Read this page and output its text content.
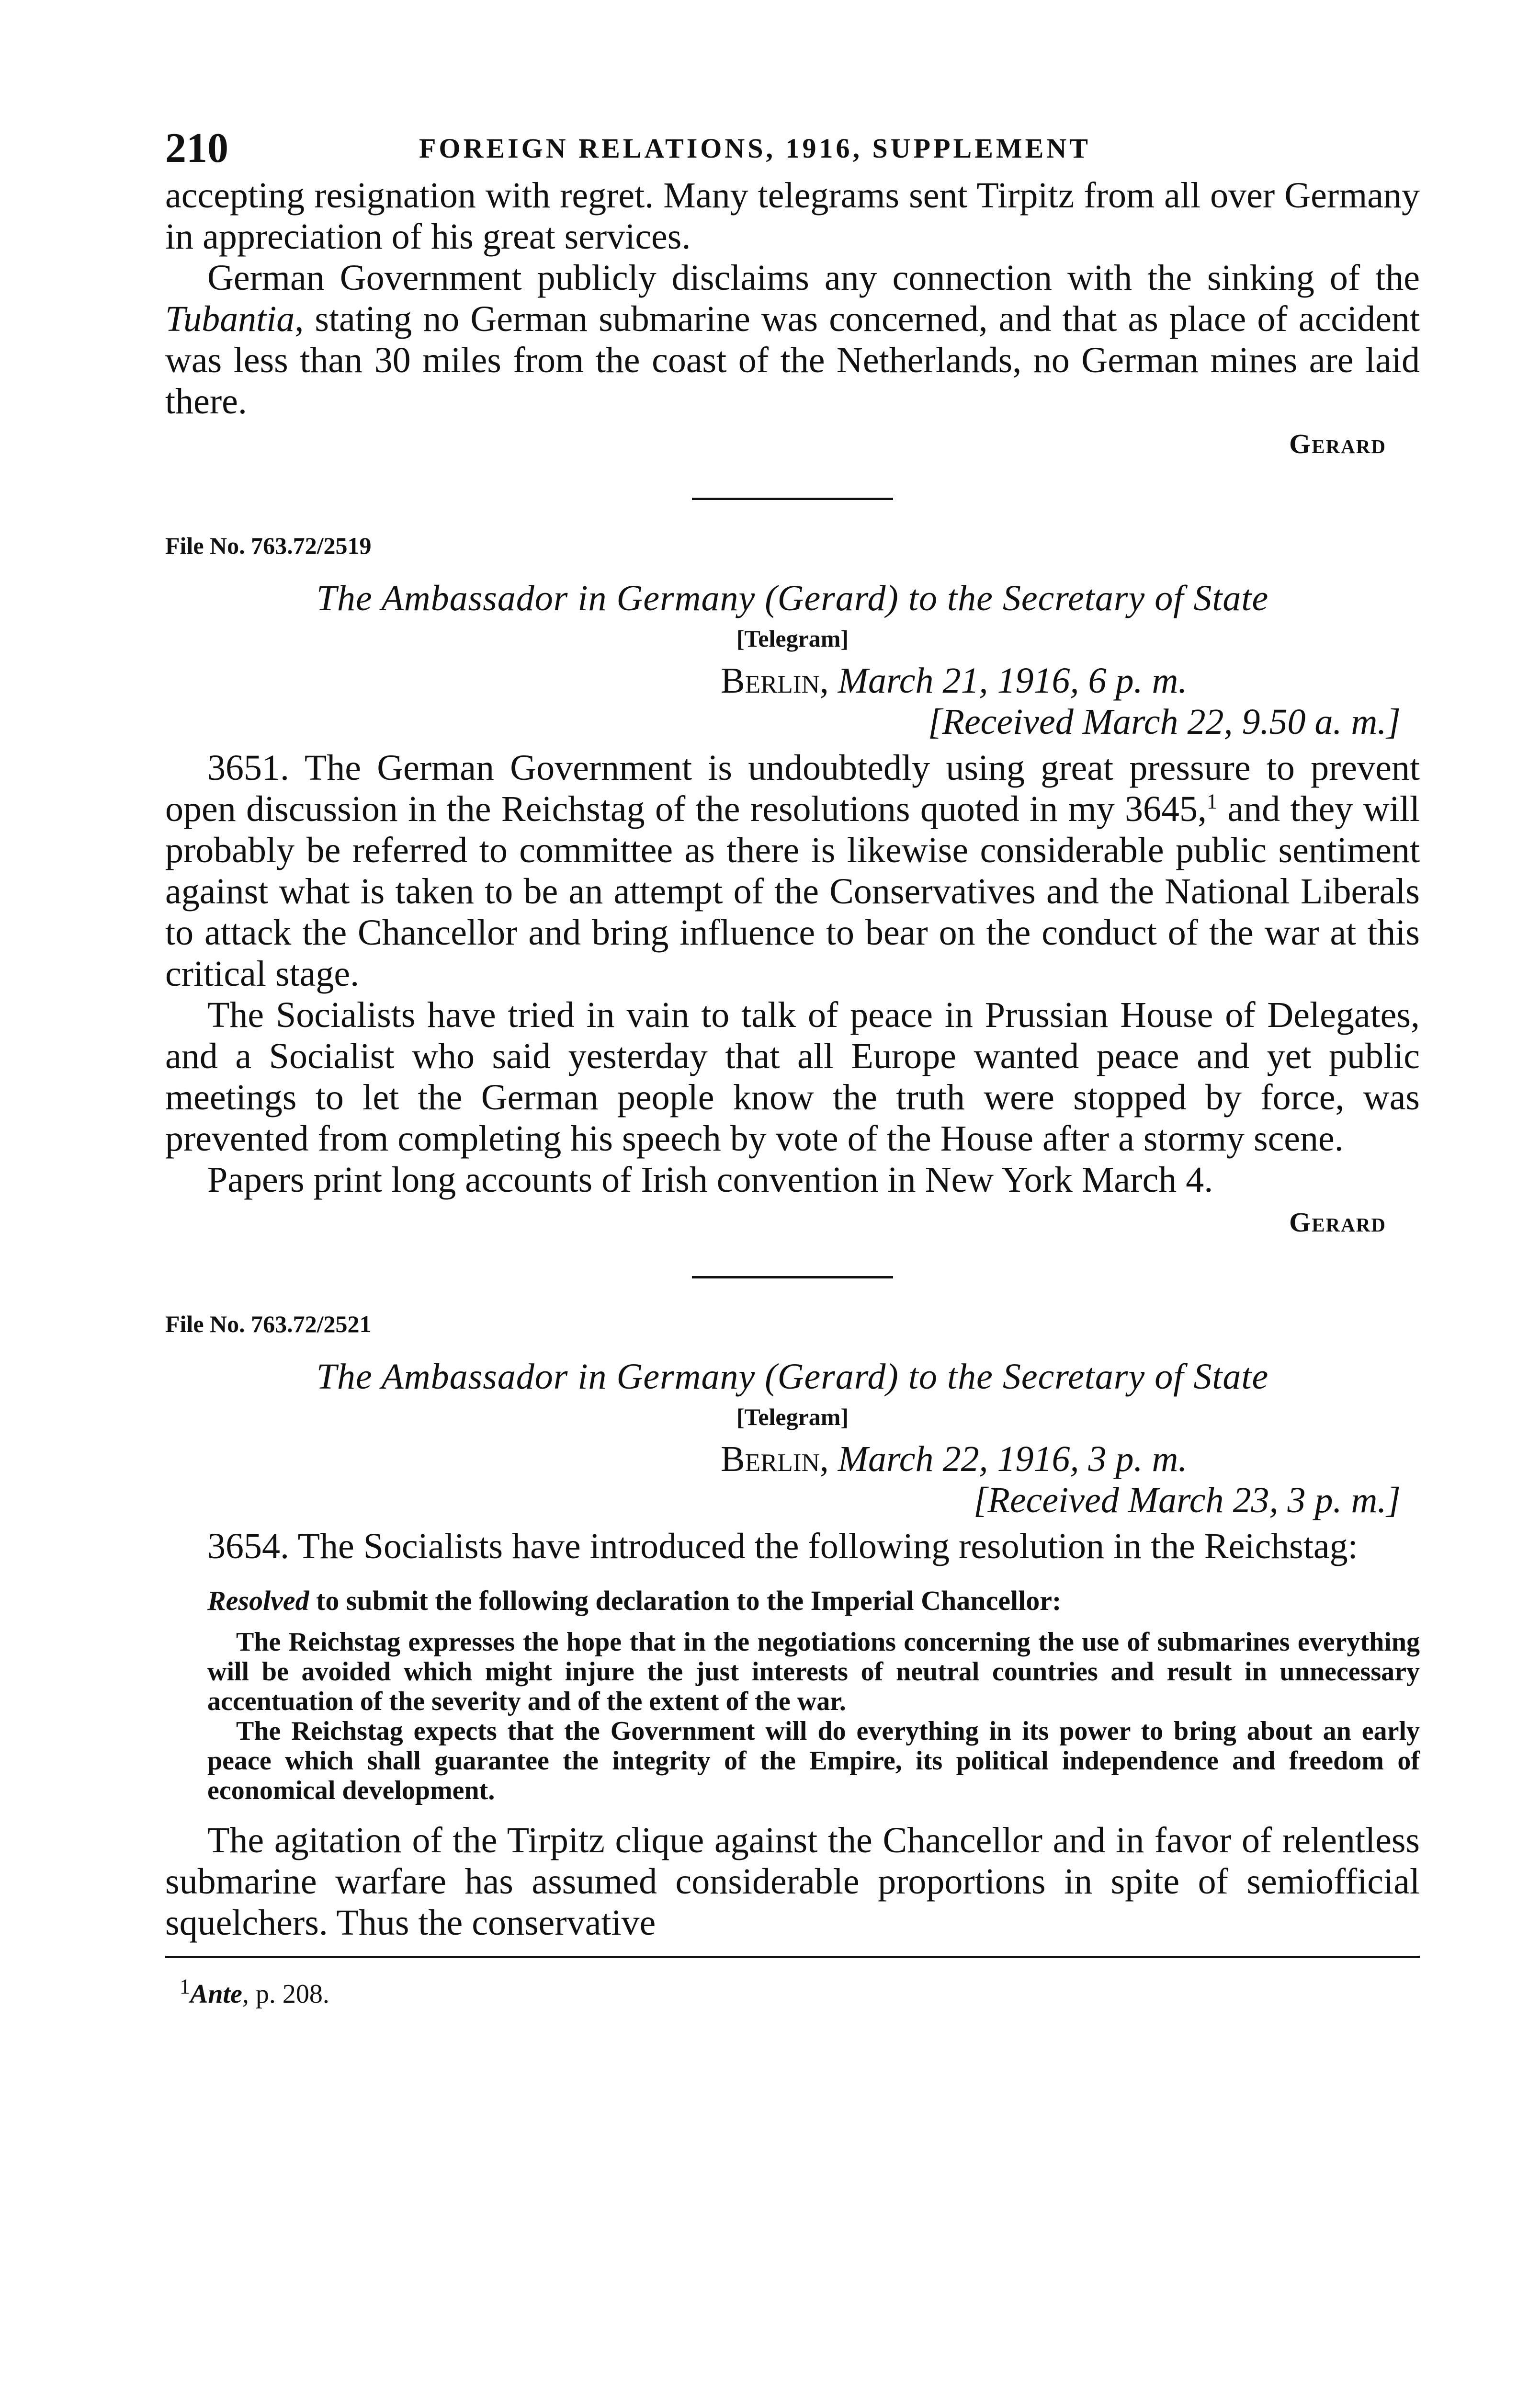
210	FOREIGN RELATIONS, 1916, SUPPLEMENT

accepting resignation with regret. Many telegrams sent Tirpitz from all over Germany in appreciation of his great services.

German Government publicly disclaims any connection with the sinking of the Tubantia, stating no German submarine was concerned, and that as place of accident was less than 30 miles from the coast of the Netherlands, no German mines are laid there.

Gerard
File No. 763.72/2519

The Ambassador in Germany (Gerard) to the Secretary of State

[Telegram]
Berlin, March 21, 1916, 6 p. m.
[Received March 22, 9.50 a. m.]

3651. The German Government is undoubtedly using great pressure to prevent open discussion in the Reichstag of the resolutions quoted in my 3645,$^1$ and they will probably be referred to committee as there is likewise considerable public sentiment against what is taken to be an attempt of the Conservatives and the National Liberals to attack the Chancellor and bring influence to bear on the conduct of the war at this critical stage.

The Socialists have tried in vain to talk of peace in Prussian House of Delegates, and a Socialist who said yesterday that all Europe wanted peace and yet public meetings to let the German people know the truth were stopped by force, was prevented from completing his speech by vote of the House after a stormy scene.

Papers print long accounts of Irish convention in New York March 4.

Gerard
File No. 763.72/2521

The Ambassador in Germany (Gerard) to the Secretary of State

[Telegram]
Berlin, March 22, 1916, 3 p. m.
[Received March 23, 3 p. m.]

3654. The Socialists have introduced the following resolution in the Reichstag:

Resolved to submit the following declaration to the Imperial Chancellor:

The Reichstag expresses the hope that in the negotiations concerning the use of submarines everything will be avoided which might injure the just interests of neutral countries and result in unnecessary accentuation of the severity and of the extent of the war.

The Reichstag expects that the Government will do everything in its power to bring about an early peace which shall guarantee the integrity of the Empire, its political independence and freedom of economical development.

The agitation of the Tirpitz clique against the Chancellor and in favor of relentless submarine warfare has assumed considerable proportions in spite of semiofficial squelchers. Thus the conservative

$^1$Ante, p. 208.
